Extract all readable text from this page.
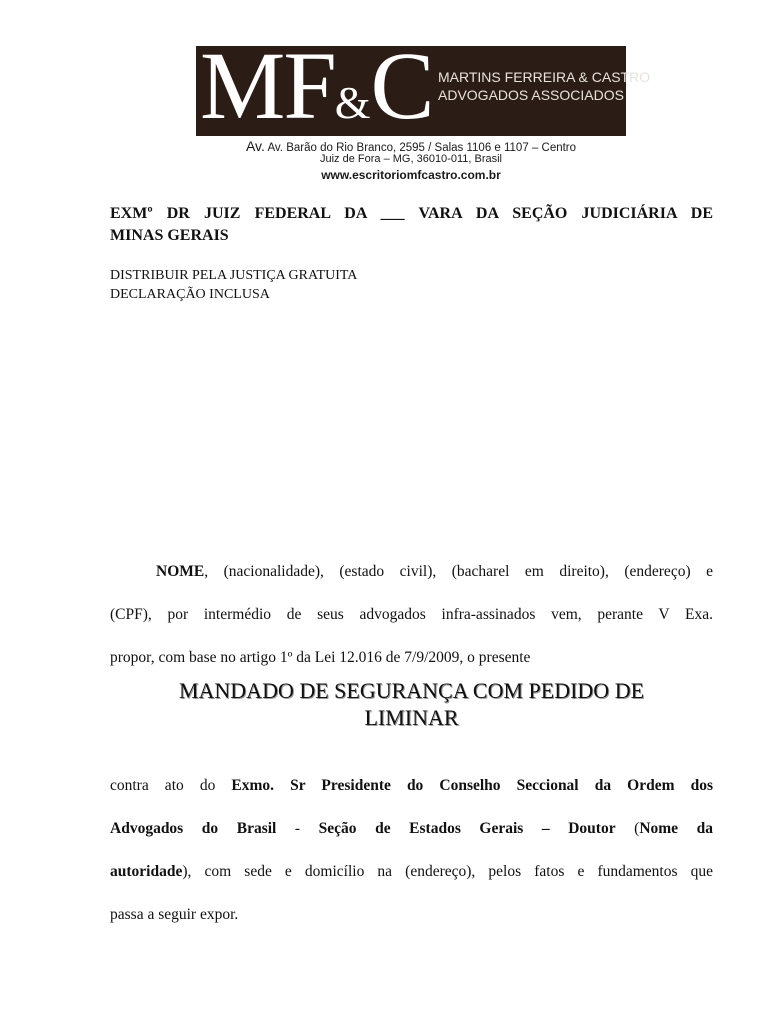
MF&C MARTINS FERREIRA & CASTRO
ADVOGADOS ASSOCIADOS
Av. Av. Barão do Rio Branco, 2595 / Salas 1106 e 1107 – Centro
Juiz de Fora – MG, 36010-011, Brasil
www.escritoriomfcastro.com.br
EXMº DR JUIZ FEDERAL DA ___ VARA DA SEÇÃO JUDICIÁRIA DE
MINAS GERAIS
DISTRIBUIR PELA JUSTIÇA GRATUITA
DECLARAÇÃO INCLUSA
NOME, (nacionalidade), (estado civil), (bacharel em direito), (endereço) e
(CPF), por intermédio de seus advogados infra-assinados vem, perante V Exa.
propor, com base no artigo 1º da Lei 12.016 de 7/9/2009, o presente
MANDADO DE SEGURANÇA COM PEDIDO DE
LIMINAR
contra ato do Exmo. Sr Presidente do Conselho Seccional da Ordem dos
Advogados do Brasil - Seção de Estados Gerais – Doutor (Nome da
autoridade), com sede e domicílio na (endereço), pelos fatos e fundamentos que
passa a seguir expor.
